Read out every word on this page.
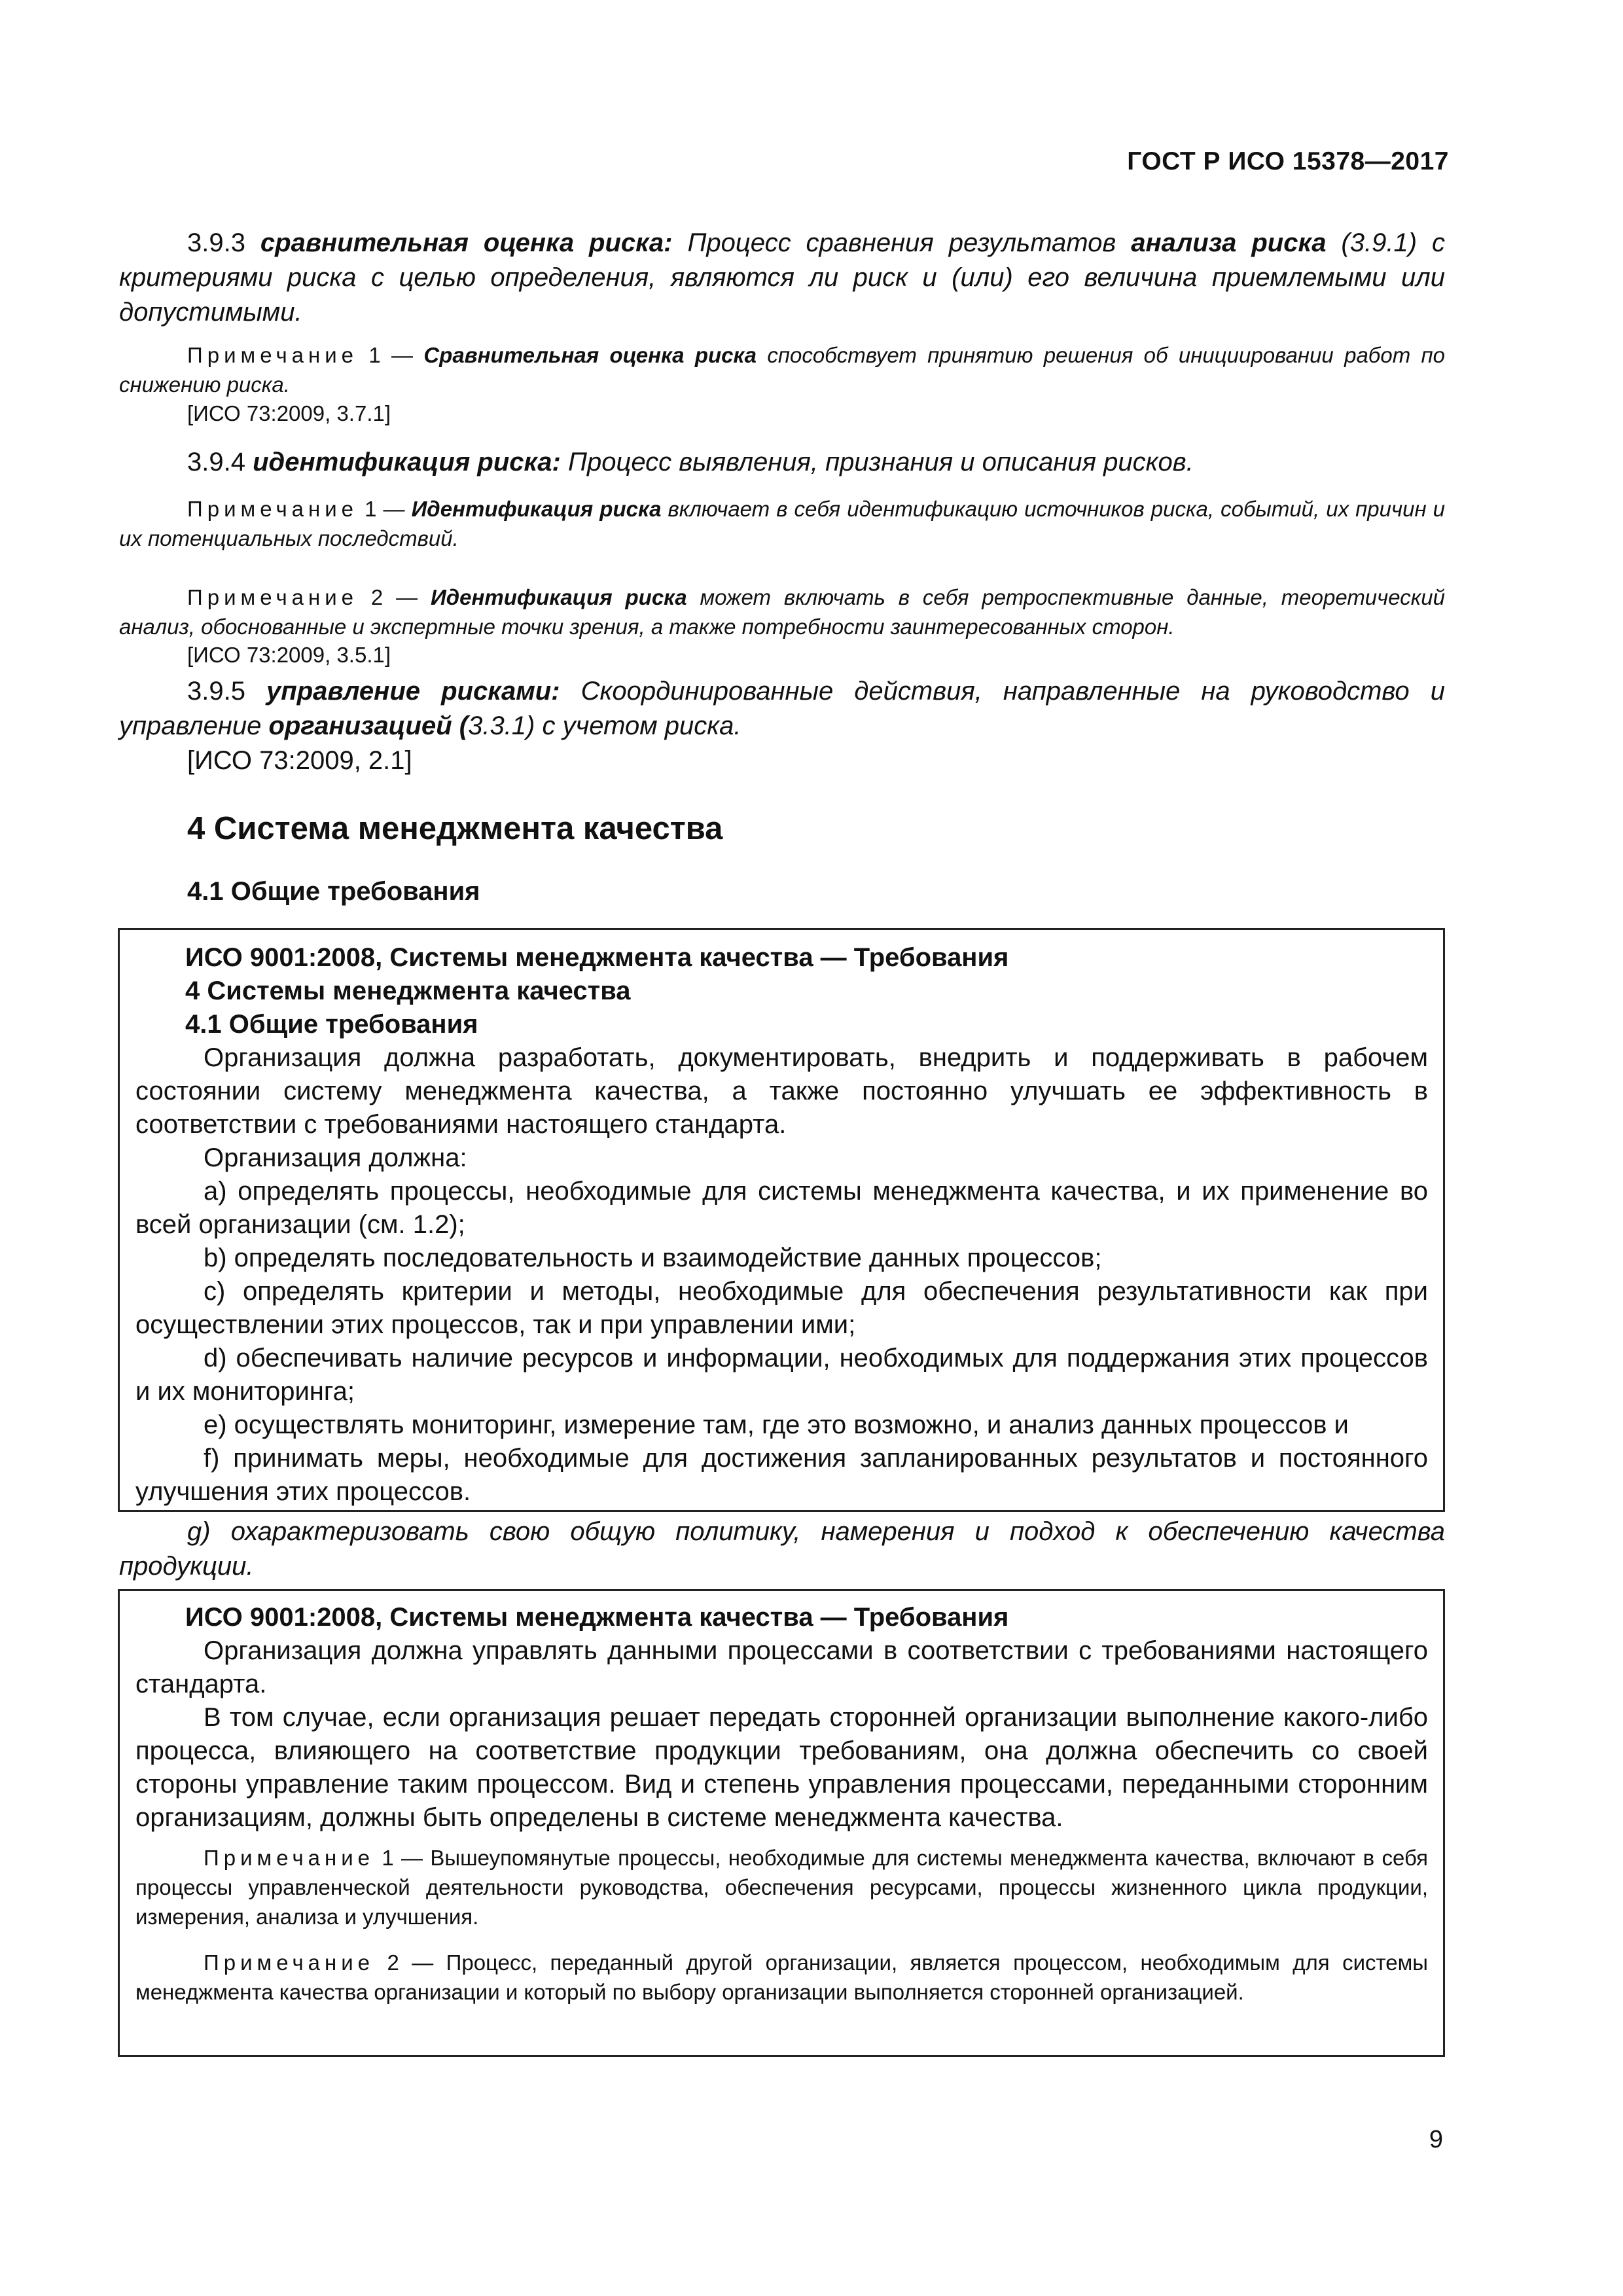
ГОСТ Р ИСО 15378—2017
3.9.3 сравнительная оценка риска: Процесс сравнения результатов анализа риска (3.9.1) с критериями риска с целью определения, являются ли риск и (или) его величина приемлемыми или допустимыми.
Примечание 1 — Сравнительная оценка риска способствует принятию решения об инициировании работ по снижению риска.
[ИСО 73:2009, 3.7.1]
3.9.4 идентификация риска: Процесс выявления, признания и описания рисков.
Примечание 1 — Идентификация риска включает в себя идентификацию источников риска, событий, их причин и их потенциальных последствий.
Примечание 2 — Идентификация риска может включать в себя ретроспективные данные, теоретический анализ, обоснованные и экспертные точки зрения, а также потребности заинтересованных сторон.
[ИСО 73:2009, 3.5.1]
3.9.5 управление рисками: Скоординированные действия, направленные на руководство и управление организацией (3.3.1) с учетом риска.
[ИСО 73:2009, 2.1]
4 Система менеджмента качества
4.1 Общие требования
ИСО 9001:2008, Системы менеджмента качества — Требования
4 Системы менеджмента качества
4.1 Общие требования
Организация должна разработать, документировать, внедрить и поддерживать в рабочем состоянии систему менеджмента качества, а также постоянно улучшать ее эффективность в соответствии с требованиями настоящего стандарта.
Организация должна:
a) определять процессы, необходимые для системы менеджмента качества, и их применение во всей организации (см. 1.2);
b) определять последовательность и взаимодействие данных процессов;
c) определять критерии и методы, необходимые для обеспечения результативности как при осуществлении этих процессов, так и при управлении ими;
d) обеспечивать наличие ресурсов и информации, необходимых для поддержания этих процессов и их мониторинга;
e) осуществлять мониторинг, измерение там, где это возможно, и анализ данных процессов и
f) принимать меры, необходимые для достижения запланированных результатов и постоянного улучшения этих процессов.
g) охарактеризовать свою общую политику, намерения и подход к обеспечению качества продукции.
ИСО 9001:2008, Системы менеджмента качества — Требования
Организация должна управлять данными процессами в соответствии с требованиями настоящего стандарта.
В том случае, если организация решает передать сторонней организации выполнение какого-либо процесса, влияющего на соответствие продукции требованиям, она должна обеспечить со своей стороны управление таким процессом. Вид и степень управления процессами, переданными сторонним организациям, должны быть определены в системе менеджмента качества.
Примечание 1 — Вышеупомянутые процессы, необходимые для системы менеджмента качества, включают в себя процессы управленческой деятельности руководства, обеспечения ресурсами, процессы жизненного цикла продукции, измерения, анализа и улучшения.
Примечание 2 — Процесс, переданный другой организации, является процессом, необходимым для системы менеджмента качества организации и который по выбору организации выполняется сторонней организацией.
9
